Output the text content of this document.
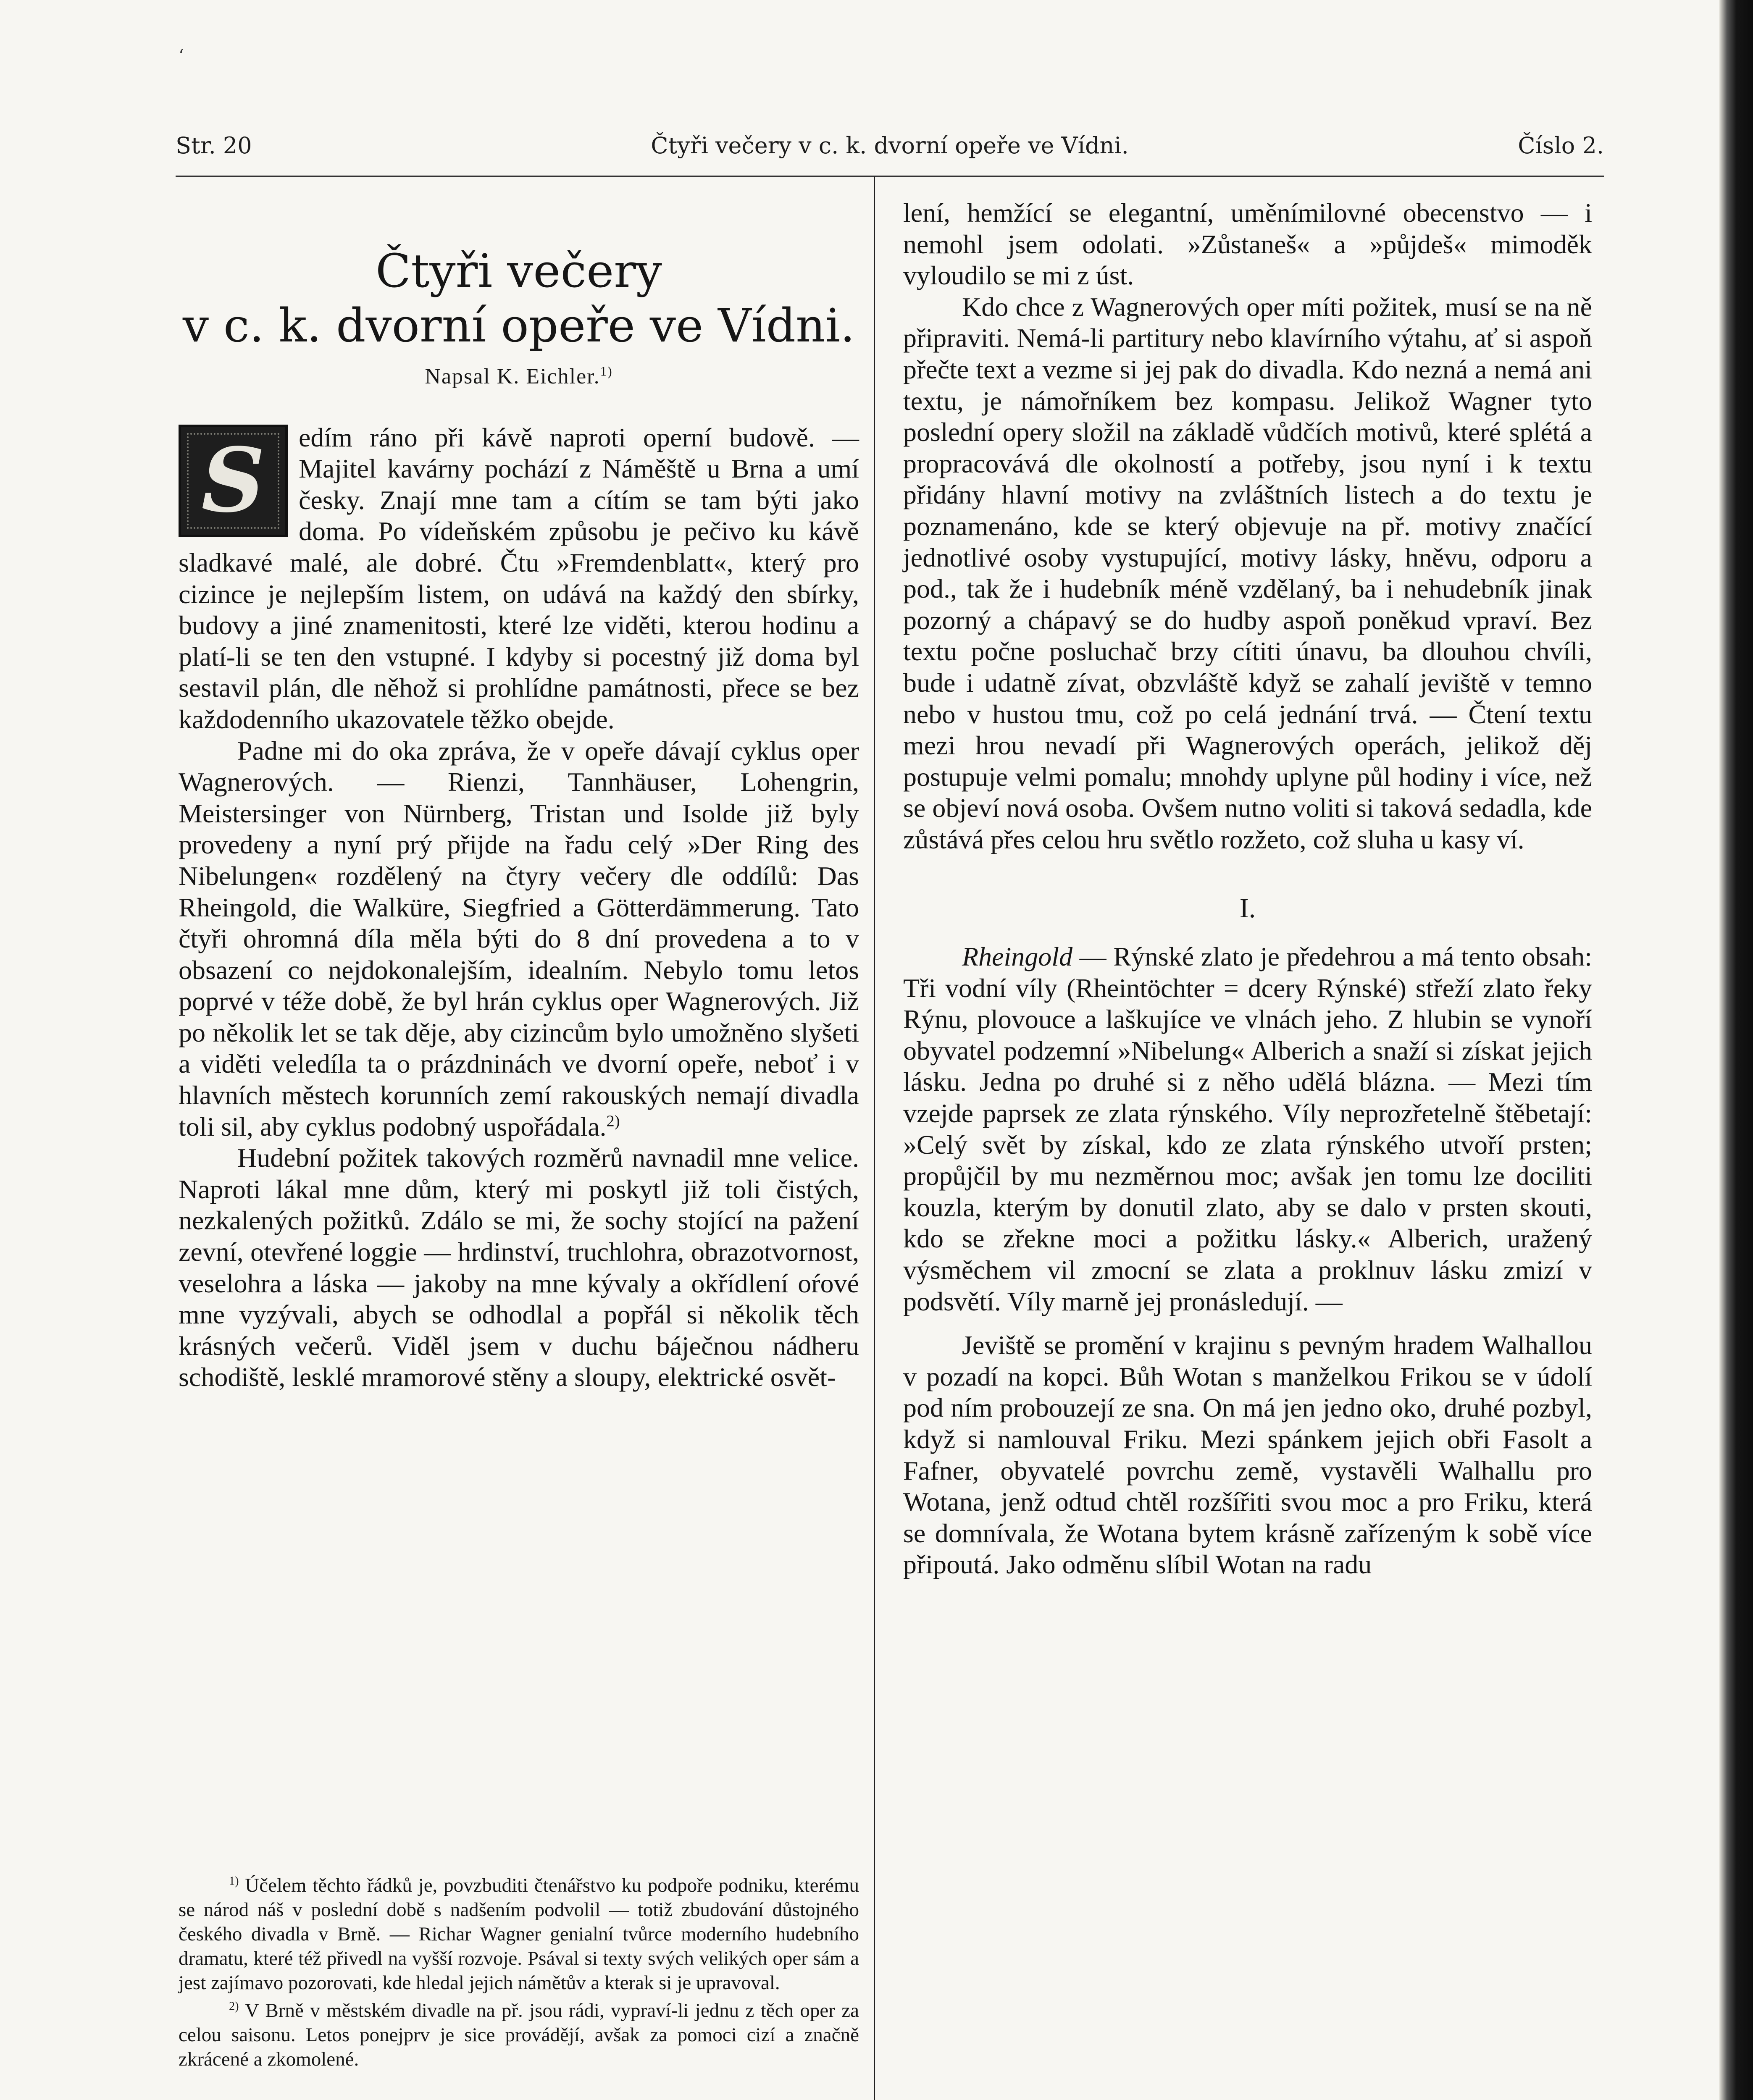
‘
Str. 20	Čtyři večery v c. k. dvorní opeře ve Vídni.	Číslo 2.
Čtyři večery
v c. k. dvorní opeře ve Vídni.
Napsal K. Eichler.$^{1)}$

S edím ráno při kávě naproti operní budově. — Majitel kavárny pochází z Náměště u Brna a umí česky. Znají mne tam a cítím se tam býti jako doma. Po vídeňském způsobu je pečivo ku kávě sladkavé malé, ale dobré. Čtu »Fremdenblatt«, který pro cizince je nejlepším listem, on udává na každý den sbírky, budovy a jiné znamenitosti, které lze viděti, kterou hodinu a platí-li se ten den vstupné. I kdyby si pocestný již doma byl sestavil plán, dle něhož si prohlídne památnosti, přece se bez každodenního ukazovatele těžko obejde.

Padne mi do oka zpráva, že v opeře dávají cyklus oper Wagnerových. — Rienzi, Tannhäuser, Lohengrin, Meistersinger von Nürnberg, Tristan und Isolde již byly provedeny a nyní prý přijde na řadu celý »Der Ring des Nibelungen« rozdělený na čtyry večery dle oddílů: Das Rheingold, die Walküre, Siegfried a Götterdämmerung. Tato čtyři ohromná díla měla býti do 8 dní provedena a to v obsazení co nejdokonalejším, idealním. Nebylo tomu letos poprvé v téže době, že byl hrán cyklus oper Wagnerových. Již po několik let se tak děje, aby cizincům bylo umožněno slyšeti a viděti veledíla ta o prázdninách ve dvorní opeře, neboť i v hlavních městech korunních zemí rakouských nemají divadla toli sil, aby cyklus podobný uspořádala.$^{2)}$

Hudební požitek takových rozměrů navnadil mne velice. Naproti lákal mne dům, který mi poskytl již toli čistých, nezkalených požitků. Zdálo se mi, že sochy stojící na pažení zevní, otevřené loggie — hrdinství, truchlohra, obrazotvornost, veselohra a láska — jakoby na mne kývaly a okřídlení oŕové mne vyzývali, abych se odhodlal a popřál si několik těch krásných večerů. Viděl jsem v duchu báječnou nádheru schodiště, lesklé mramorové stěny a sloupy, elektrické osvět-

$^{1)}$ Účelem těchto řádků je, povzbuditi čtenářstvo ku podpoře podniku, kterému se národ náš v poslední době s nadšením podvolil — totiž zbudování důstojného českého divadla v Brně. — Richar Wagner genialní tvůrce moderního hudebního dramatu, které též přivedl na vyšší rozvoje. Psával si texty svých velikých oper sám a jest zajímavo pozorovati, kde hledal jejich námětův a kterak si je upravoval.

$^{2)}$ V Brně v městském divadle na př. jsou rádi, vypraví-li jednu z těch oper za celou saisonu. Letos ponejprv je sice provádějí, avšak za pomoci cizí a značně zkrácené a zkomolené.

lení, hemžící se elegantní, uměnímilovné obecenstvo — i nemohl jsem odolati. »Zůstaneš« a »půjdeš« mimoděk vyloudilo se mi z úst.

Kdo chce z Wagnerových oper míti požitek, musí se na ně připraviti. Nemá-li partitury nebo klavírního výtahu, ať si aspoň přečte text a vezme si jej pak do divadla. Kdo nezná a nemá ani textu, je námořníkem bez kompasu. Jelikož Wagner tyto poslední opery složil na základě vůdčích motivů, které splétá a propracovává dle okolností a potřeby, jsou nyní i k textu přidány hlavní motivy na zvláštních listech a do textu je poznamenáno, kde se který objevuje na př. motivy značící jednotlivé osoby vystupující, motivy lásky, hněvu, odporu a pod., tak že i hudebník méně vzdělaný, ba i nehudebník jinak pozorný a chápavý se do hudby aspoň poněkud vpraví. Bez textu počne posluchač brzy cítiti únavu, ba dlouhou chvíli, bude i udatně zívat, obzvláště když se zahalí jeviště v temno nebo v hustou tmu, což po celá jednání trvá. — Čtení textu mezi hrou nevadí při Wagnerových operách, jelikož děj postupuje velmi pomalu; mnohdy uplyne půl hodiny i více, než se objeví nová osoba. Ovšem nutno voliti si taková sedadla, kde zůstává přes celou hru světlo rozžeto, což sluha u kasy ví.

I.

Rheingold — Rýnské zlato je předehrou a má tento obsah: Tři vodní víly (Rheintöchter = dcery Rýnské) střeží zlato řeky Rýnu, plovouce a laškujíce ve vlnách jeho. Z hlubin se vynoří obyvatel podzemní »Nibelung« Alberich a snaží si získat jejich lásku. Jedna po druhé si z něho udělá blázna. — Mezi tím vzejde paprsek ze zlata rýnského. Víly neprozřetelně štěbetají: »Celý svět by získal, kdo ze zlata rýnského utvoří prsten; propůjčil by mu nezměrnou moc; avšak jen tomu lze dociliti kouzla, kterým by donutil zlato, aby se dalo v prsten skouti, kdo se zřekne moci a požitku lásky.« Alberich, uražený výsměchem vil zmocní se zlata a proklnuv lásku zmizí v podsvětí. Víly marně jej pronásledují. —

Jeviště se promění v krajinu s pevným hradem Walhallou v pozadí na kopci. Bůh Wotan s manželkou Frikou se v údolí pod ním probouzejí ze sna. On má jen jedno oko, druhé pozbyl, když si namlouval Friku. Mezi spánkem jejich obři Fasolt a Fafner, obyvatelé povrchu země, vystavěli Walhallu pro Wotana, jenž odtud chtěl rozšířiti svou moc a pro Friku, která se domnívala, že Wotana bytem krásně zařízeným k sobě více připoutá. Jako odměnu slíbil Wotan na radu
